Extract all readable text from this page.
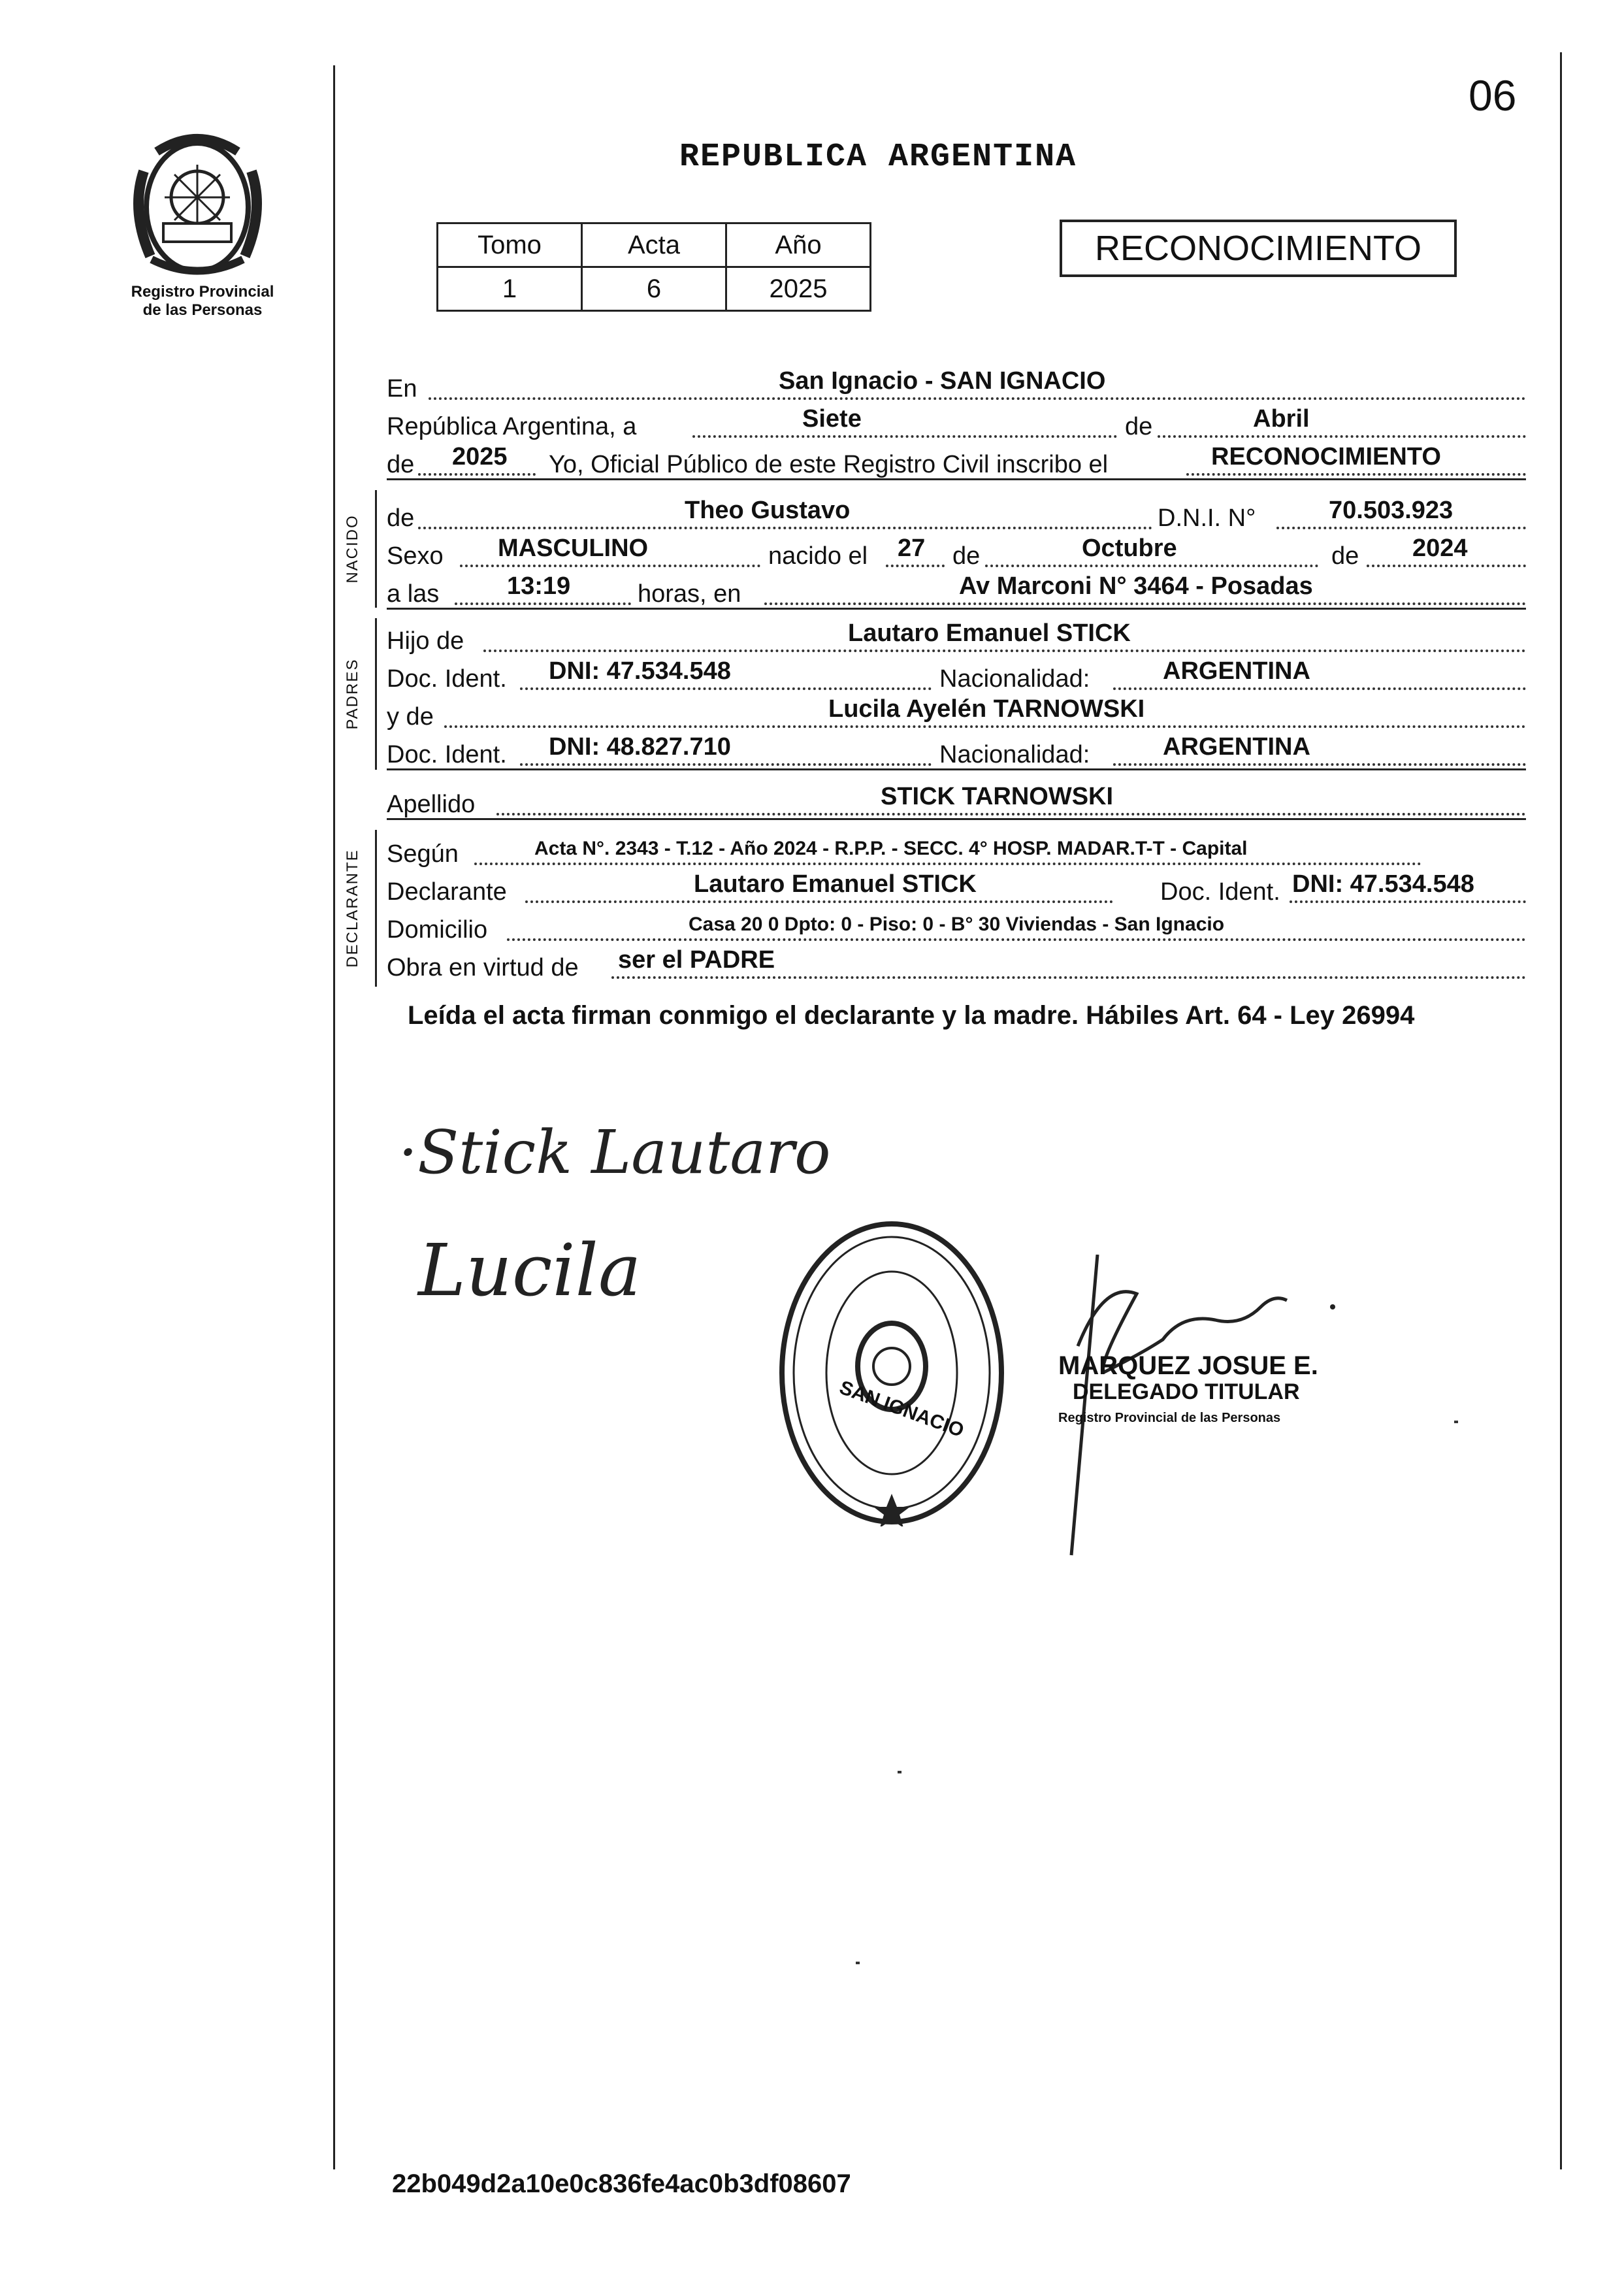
06
Registro Provincial
de las Personas
REPUBLICA ARGENTINA
Tomo	Acta	Año
1	6	2025
RECONOCIMIENTO
En	San Ignacio - SAN IGNACIO
República Argentina, a	Siete	de	Abril
de 2025 Yo, Oficial Público de este Registro Civil inscribo el	RECONOCIMIENTO
NACIDO de	Theo Gustavo	D.N.I. N°	70.503.923
Sexo MASCULINO	nacido el 27 de	Octubre	de 2024
a las	13:19	horas, en	Av Marconi N° 3464 - Posadas
PADRES
Hijo de	Lautaro Emanuel STICK
Doc. Ident. DNI: 47.534.548	Nacionalidad:	ARGENTINA
y de	Lucila Ayelén TARNOWSKI
Doc. Ident. DNI: 48.827.710	Nacionalidad:	ARGENTINA
Apellido	STICK TARNOWSKI
DECLARANTE Según	Acta N°. 2343 - T.12 - Año 2024 - R.P.P. - SECC. 4° HOSP. MADAR.T-T - Capital
Declarante	Lautaro Emanuel STICK	Doc. Ident. DNI: 47.534.548
Domicilio	Casa 20 0 Dpto: 0 - Piso: 0 - B° 30 Viviendas - San Ignacio
Obra en virtud de ser el PADRE
Leída el acta firman conmigo el declarante y la madre. Hábiles Art. 64 - Ley 26994
·Stick Lautaro
Lucila
SAN IGNACIO
MARQUEZ JOSUE E.
DELEGADO TITULAR
Registro Provincial de las Personas
22b049d2a10e0c836fe4ac0b3df08607
